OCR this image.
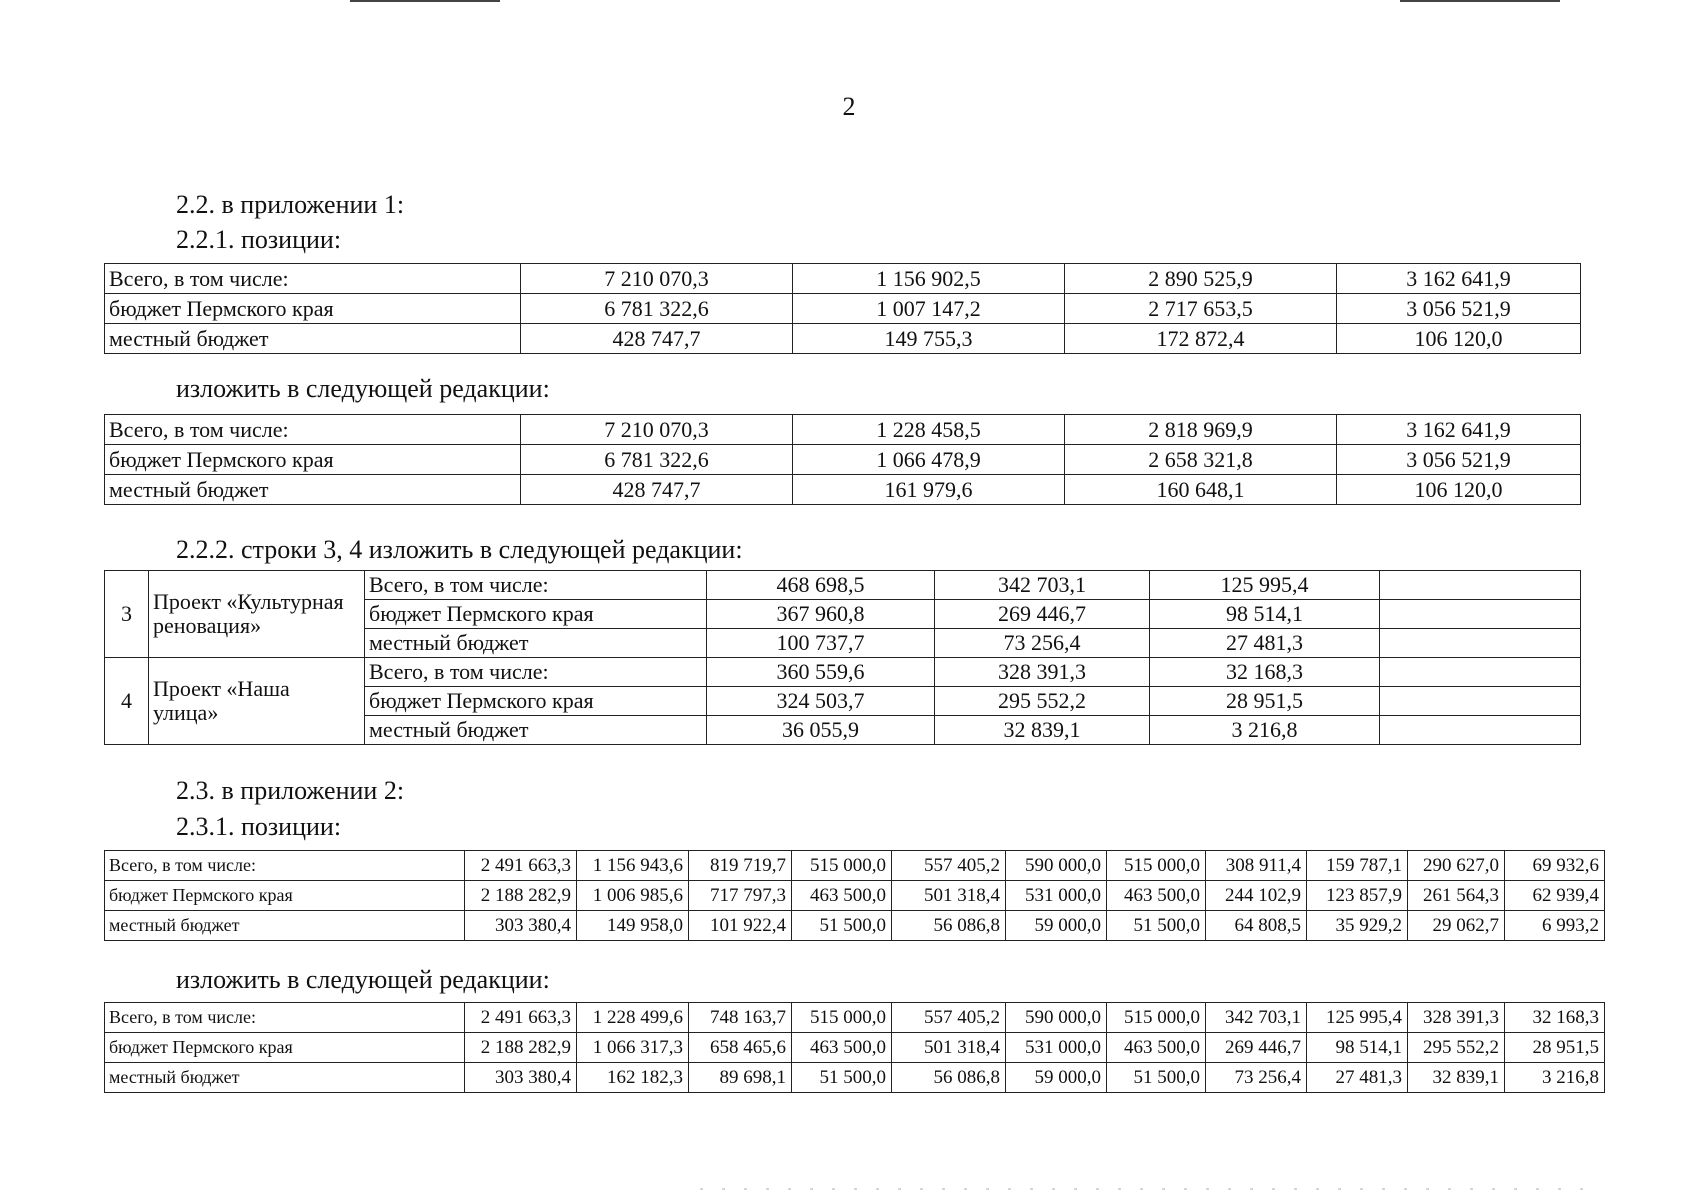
2
2.2. в приложении 1:
2.2.1. позиции:
Всего, в том числе:	7 210 070,3	1 156 902,5	2 890 525,9	3 162 641,9
бюджет Пермского края	6 781 322,6	1 007 147,2	2 717 653,5	3 056 521,9
местный бюджет	428 747,7	149 755,3	172 872,4	106 120,0
изложить в следующей редакции:
Всего, в том числе:	7 210 070,3	1 228 458,5	2 818 969,9	3 162 641,9
бюджет Пермского края	6 781 322,6	1 066 478,9	2 658 321,8	3 056 521,9
местный бюджет	428 747,7	161 979,6	160 648,1	106 120,0
2.2.2. строки 3, 4 изложить в следующей редакции:
3	Проект «Культурная реновация»	Всего, в том числе:	468 698,5	342 703,1	125 995,4	
		бюджет Пермского края	367 960,8	269 446,7	98 514,1	
		местный бюджет	100 737,7	73 256,4	27 481,3	
4	Проект «Наша улица»	Всего, в том числе:	360 559,6	328 391,3	32 168,3	
		бюджет Пермского края	324 503,7	295 552,2	28 951,5	
		местный бюджет	36 055,9	32 839,1	3 216,8	
2.3. в приложении 2:
2.3.1. позиции:
Всего, в том числе:	2 491 663,3	1 156 943,6	819 719,7	515 000,0	557 405,2	590 000,0	515 000,0	308 911,4	159 787,1	290 627,0	69 932,6
бюджет Пермского края	2 188 282,9	1 006 985,6	717 797,3	463 500,0	501 318,4	531 000,0	463 500,0	244 102,9	123 857,9	261 564,3	62 939,4
местный бюджет	303 380,4	149 958,0	101 922,4	51 500,0	56 086,8	59 000,0	51 500,0	64 808,5	35 929,2	29 062,7	6 993,2
изложить в следующей редакции:
Всего, в том числе:	2 491 663,3	1 228 499,6	748 163,7	515 000,0	557 405,2	590 000,0	515 000,0	342 703,1	125 995,4	328 391,3	32 168,3
бюджет Пермского края	2 188 282,9	1 066 317,3	658 465,6	463 500,0	501 318,4	531 000,0	463 500,0	269 446,7	98 514,1	295 552,2	28 951,5
местный бюджет	303 380,4	162 182,3	89 698,1	51 500,0	56 086,8	59 000,0	51 500,0	73 256,4	27 481,3	32 839,1	3 216,8
